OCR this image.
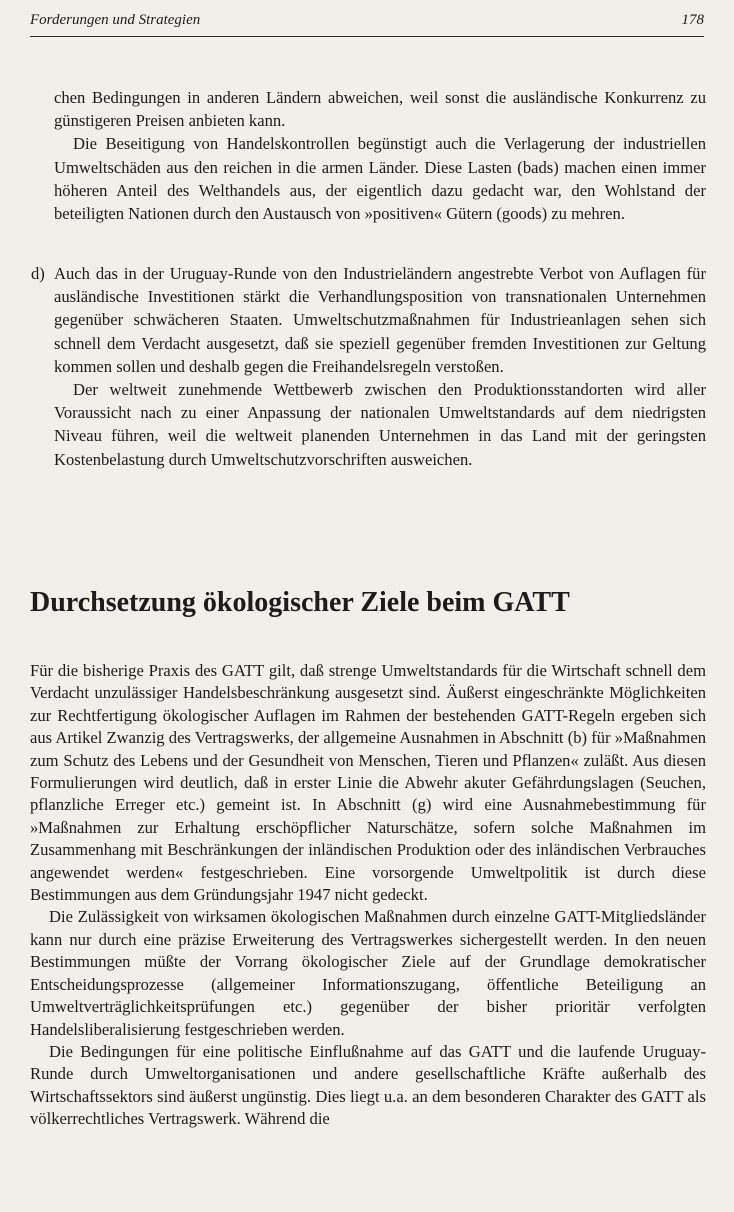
Forderungen und Strategien	178

chen Bedingungen in anderen Ländern abweichen, weil sonst die ausländische Konkurrenz zu günstigeren Preisen anbieten kann.

Die Beseitigung von Handelskontrollen begünstigt auch die Verlagerung der industriellen Umweltschäden aus den reichen in die armen Länder. Diese Lasten (bads) machen einen immer höheren Anteil des Welthandels aus, der eigentlich dazu gedacht war, den Wohlstand der beteiligten Nationen durch den Austausch von »positiven« Gütern (goods) zu mehren.

d) Auch das in der Uruguay-Runde von den Industrieländern angestrebte Verbot von Auflagen für ausländische Investitionen stärkt die Verhandlungsposition von transnationalen Unternehmen gegenüber schwächeren Staaten. Umweltschutzmaßnahmen für Industrieanlagen sehen sich schnell dem Verdacht ausgesetzt, daß sie speziell gegenüber fremden Investitionen zur Geltung kommen sollen und deshalb gegen die Freihandelsregeln verstoßen.

Der weltweit zunehmende Wettbewerb zwischen den Produktionsstandorten wird aller Voraussicht nach zu einer Anpassung der nationalen Umweltstandards auf dem niedrigsten Niveau führen, weil die weltweit planenden Unternehmen in das Land mit der geringsten Kostenbelastung durch Umweltschutzvorschriften ausweichen.

Durchsetzung ökologischer Ziele beim GATT

Für die bisherige Praxis des GATT gilt, daß strenge Umweltstandards für die Wirtschaft schnell dem Verdacht unzulässiger Handelsbeschränkung ausgesetzt sind. Äußerst eingeschränkte Möglichkeiten zur Rechtfertigung ökologischer Auflagen im Rahmen der bestehenden GATT-Regeln ergeben sich aus Artikel Zwanzig des Vertragswerks, der allgemeine Ausnahmen in Abschnitt (b) für »Maßnahmen zum Schutz des Lebens und der Gesundheit von Menschen, Tieren und Pflanzen« zuläßt. Aus diesen Formulierungen wird deutlich, daß in erster Linie die Abwehr akuter Gefährdungslagen (Seuchen, pflanzliche Erreger etc.) gemeint ist. In Abschnitt (g) wird eine Ausnahmebestimmung für »Maßnahmen zur Erhaltung erschöpflicher Naturschätze, sofern solche Maßnahmen im Zusammenhang mit Beschränkungen der inländischen Produktion oder des inländischen Verbrauches angewendet werden« festgeschrieben. Eine vorsorgende Umweltpolitik ist durch diese Bestimmungen aus dem Gründungsjahr 1947 nicht gedeckt.

Die Zulässigkeit von wirksamen ökologischen Maßnahmen durch einzelne GATT-Mitgliedsländer kann nur durch eine präzise Erweiterung des Vertragswerkes sichergestellt werden. In den neuen Bestimmungen müßte der Vorrang ökologischer Ziele auf der Grundlage demokratischer Entscheidungsprozesse (allgemeiner Informationszugang, öffentliche Beteiligung an Umweltverträglichkeitsprüfungen etc.) gegenüber der bisher prioritär verfolgten Handelsliberalisierung festgeschrieben werden.

Die Bedingungen für eine politische Einflußnahme auf das GATT und die laufende Uruguay-Runde durch Umweltorganisationen und andere gesellschaftliche Kräfte außerhalb des Wirtschaftssektors sind äußerst ungünstig. Dies liegt u.a. an dem besonderen Charakter des GATT als völkerrechtliches Vertragswerk. Während die
